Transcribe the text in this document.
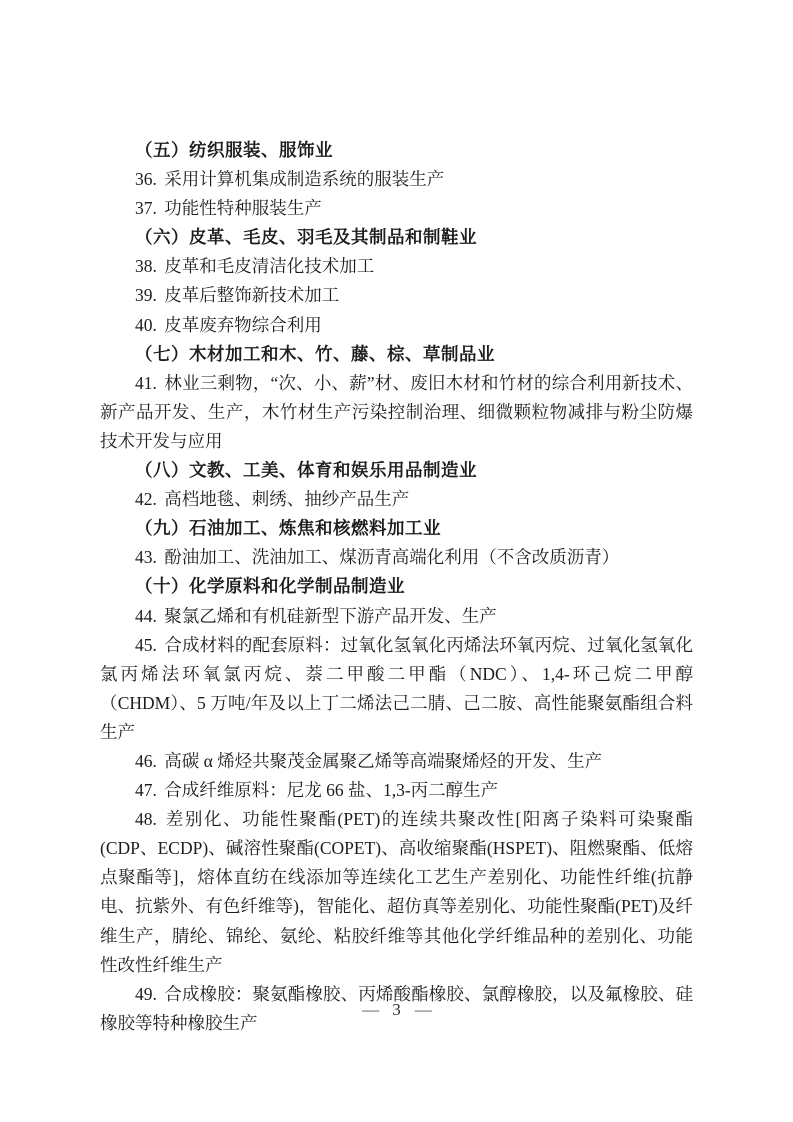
（五）纺织服装、服饰业

36. 采用计算机集成制造系统的服装生产

37. 功能性特种服装生产

（六）皮革、毛皮、羽毛及其制品和制鞋业

38. 皮革和毛皮清洁化技术加工

39. 皮革后整饰新技术加工

40. 皮革废弃物综合利用

（七）木材加工和木、竹、藤、棕、草制品业

41. 林业三剩物，“次、小、薪”材、废旧木材和竹材的综合利用新技术、新产品开发、生产，木竹材生产污染控制治理、细微颗粒物减排与粉尘防爆技术开发与应用

（八）文教、工美、体育和娱乐用品制造业

42. 高档地毯、刺绣、抽纱产品生产

（九）石油加工、炼焦和核燃料加工业

43. 酚油加工、洗油加工、煤沥青高端化利用（不含改质沥青）

（十）化学原料和化学制品制造业

44. 聚氯乙烯和有机硅新型下游产品开发、生产

45. 合成材料的配套原料：过氧化氢氧化丙烯法环氧丙烷、过氧化氢氧化氯丙烯法环氧氯丙烷、萘二甲酸二甲酯（NDC）、1,4-环己烷二甲醇（CHDM）、5 万吨/年及以上丁二烯法己二腈、己二胺、高性能聚氨酯组合料生产

46. 高碳 α 烯烃共聚茂金属聚乙烯等高端聚烯烃的开发、生产

47. 合成纤维原料：尼龙 66 盐、1,3-丙二醇生产

48. 差别化、功能性聚酯(PET)的连续共聚改性[阳离子染料可染聚酯(CDP、ECDP)、碱溶性聚酯(COPET)、高收缩聚酯(HSPET)、阻燃聚酯、低熔点聚酯等]，熔体直纺在线添加等连续化工艺生产差别化、功能性纤维(抗静电、抗紫外、有色纤维等)，智能化、超仿真等差别化、功能性聚酯(PET)及纤维生产，腈纶、锦纶、氨纶、粘胶纤维等其他化学纤维品种的差别化、功能性改性纤维生产

49. 合成橡胶：聚氨酯橡胶、丙烯酸酯橡胶、氯醇橡胶，以及氟橡胶、硅橡胶等特种橡胶生产

— 3 —
